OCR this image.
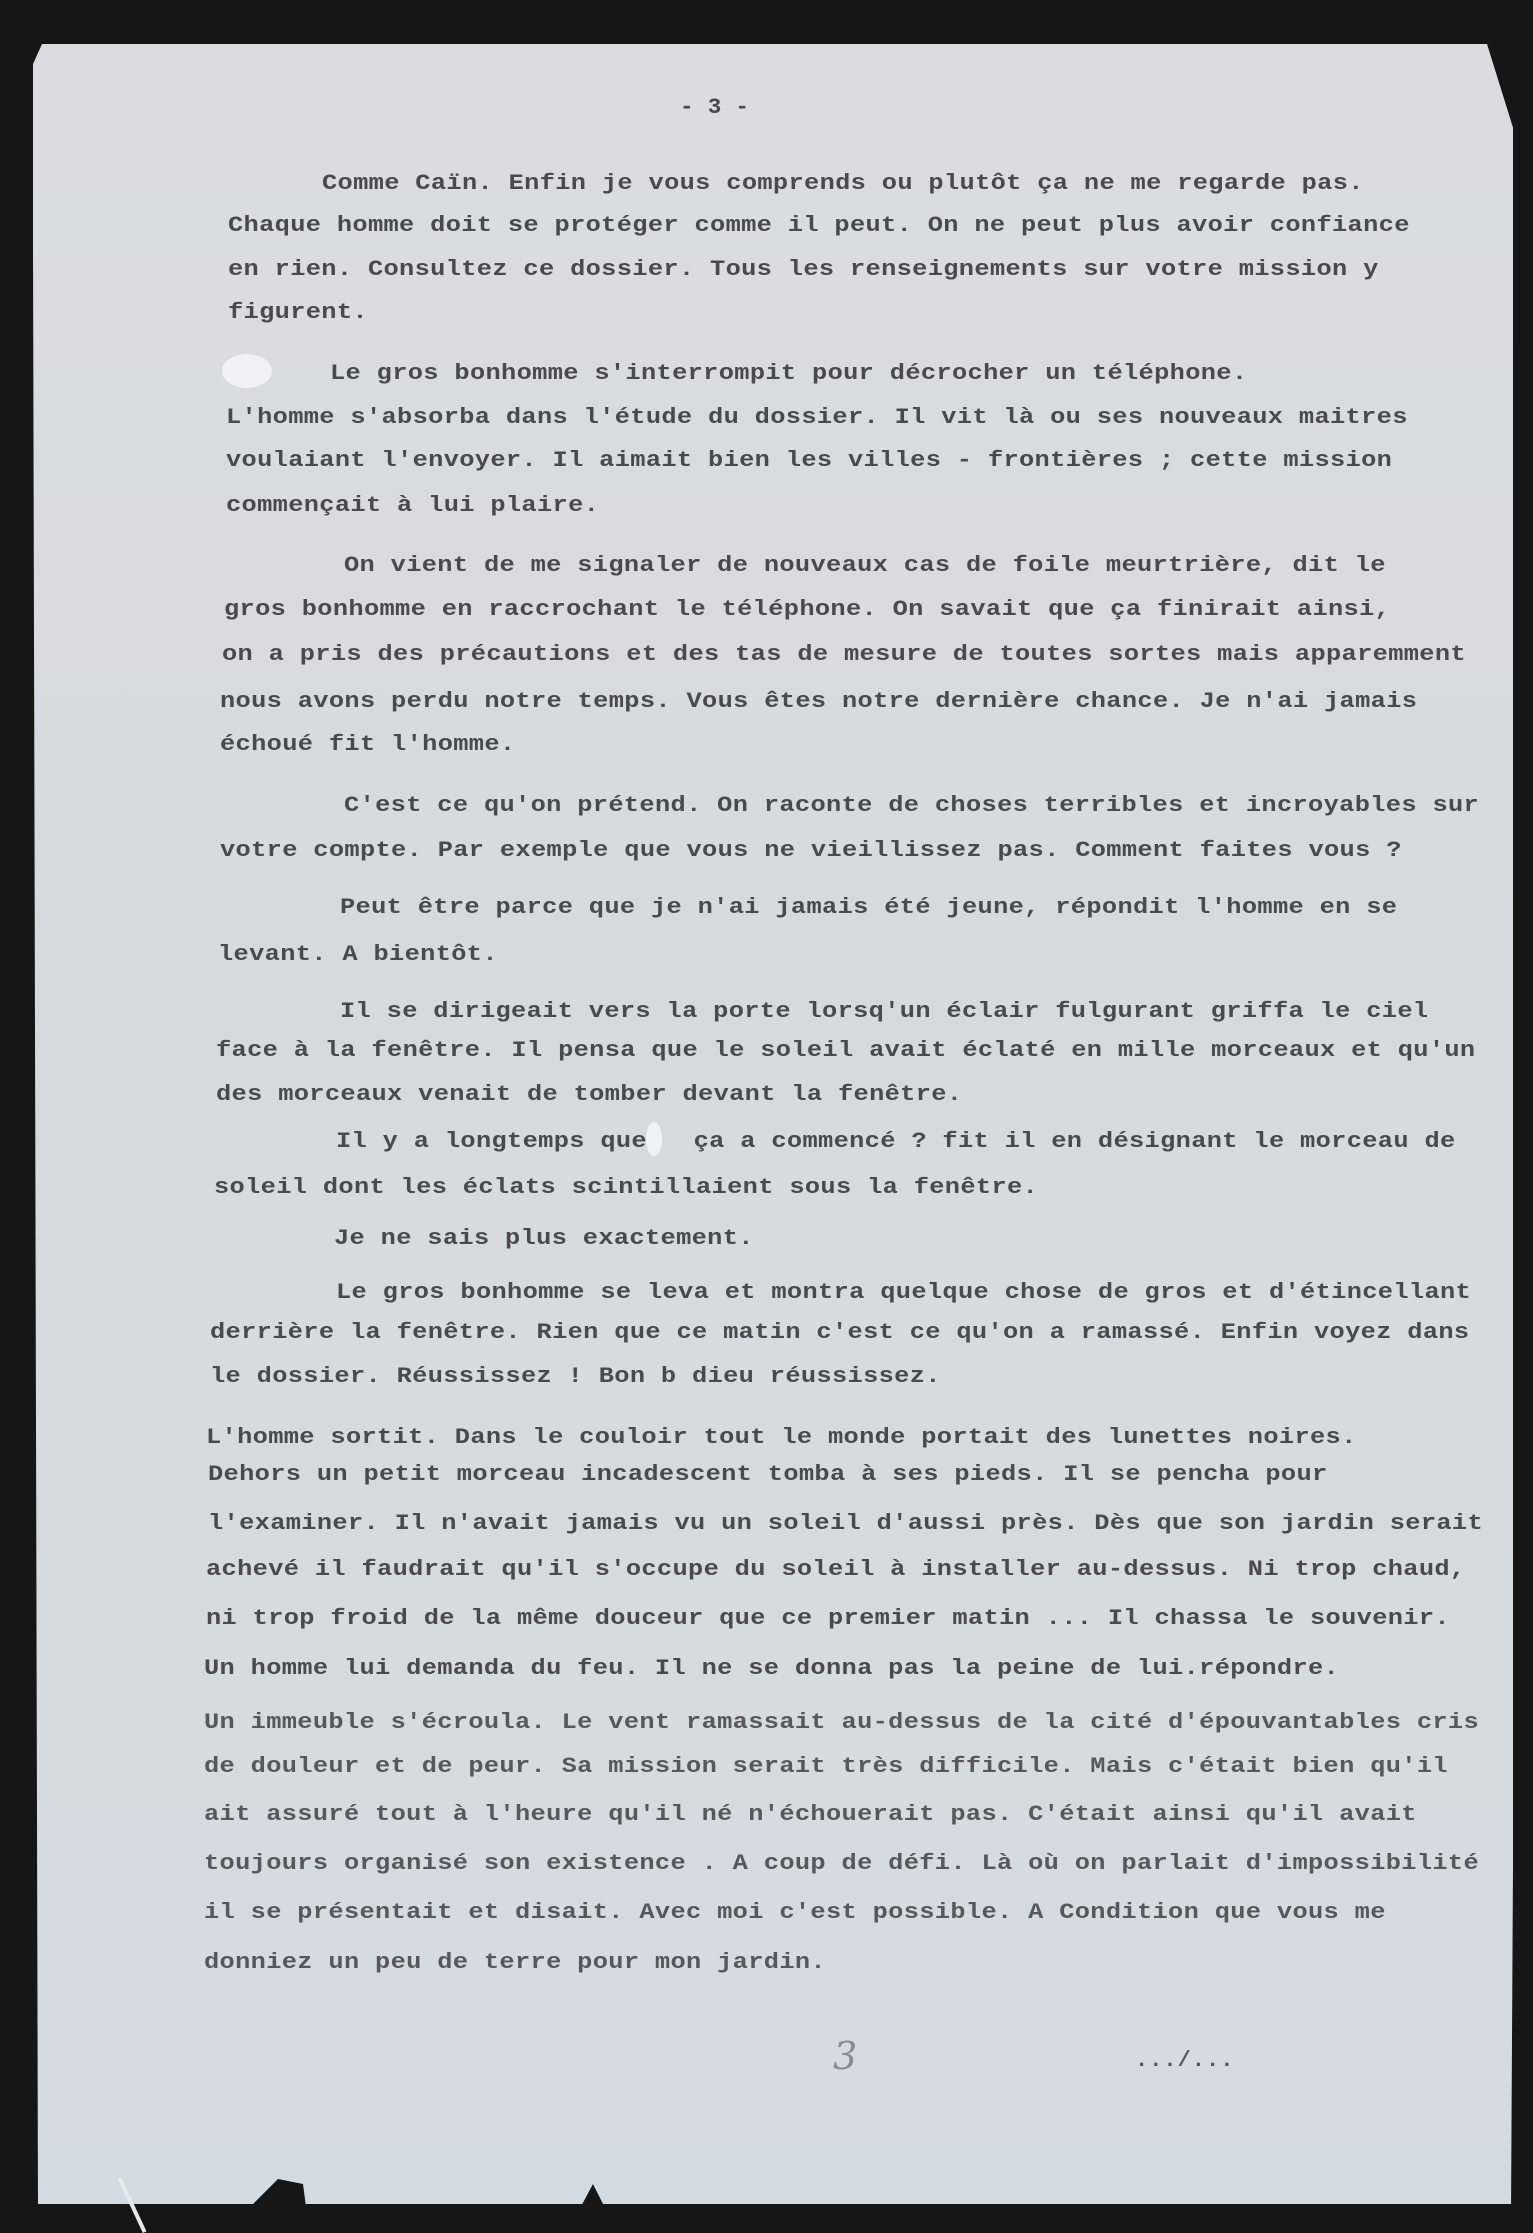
- 3 -
Comme Caïn. Enfin je vous comprends ou plutôt ça ne me regarde pas.
Chaque homme doit se protéger comme il peut. On ne peut plus avoir confiance
en rien. Consultez ce dossier. Tous les renseignements sur votre mission y
figurent.
Le gros bonhomme s'interrompit pour décrocher un téléphone.
L'homme s'absorba dans l'étude du dossier. Il vit là ou ses nouveaux maitres
voulaiant l'envoyer. Il aimait bien les villes - frontières ; cette mission
commençait à lui plaire.
On vient de me signaler de nouveaux cas de foile meurtrière, dit le
gros bonhomme en raccrochant le téléphone. On savait que ça finirait ainsi,
on a pris des précautions et des tas de mesure de toutes sortes mais apparemment
nous avons perdu notre temps. Vous êtes notre dernière chance. Je n'ai jamais
échoué fit l'homme.
C'est ce qu'on prétend. On raconte de choses terribles et incroyables sur
votre compte. Par exemple que vous ne vieillissez pas. Comment faites vous ?
Peut être parce que je n'ai jamais été jeune, répondit l'homme en se
levant. A bientôt.
Il se dirigeait vers la porte lorsq'un éclair fulgurant griffa le ciel
face à la fenêtre. Il pensa que le soleil avait éclaté en mille morceaux et qu'un
des morceaux venait de tomber devant la fenêtre.
Il y a longtemps que   ça a commencé ? fit il en désignant le morceau de
soleil dont les éclats scintillaient sous la fenêtre.
Je ne sais plus exactement.
Le gros bonhomme se leva et montra quelque chose de gros et d'étincellant
derrière la fenêtre. Rien que ce matin c'est ce qu'on a ramassé. Enfin voyez dans
le dossier. Réussissez ! Bon b dieu réussissez.
L'homme sortit. Dans le couloir tout le monde portait des lunettes noires.
Dehors un petit morceau incadescent tomba à ses pieds. Il se pencha pour
l'examiner. Il n'avait jamais vu un soleil d'aussi près. Dès que son jardin serait
achevé il faudrait qu'il s'occupe du soleil à installer au-dessus. Ni trop chaud,
ni trop froid de la même douceur que ce premier matin ... Il chassa le souvenir.
Un homme lui demanda du feu. Il ne se donna pas la peine de lui.répondre.
Un immeuble s'écroula. Le vent ramassait au-dessus de la cité d'épouvantables cris
de douleur et de peur. Sa mission serait très difficile. Mais c'était bien qu'il
ait assuré tout à l'heure qu'il né n'échouerait pas. C'était ainsi qu'il avait
toujours organisé son existence . A coup de défi. Là où on parlait d'impossibilité
il se présentait et disait. Avec moi c'est possible. A Condition que vous me
donniez un peu de terre pour mon jardin.
3	.../...
